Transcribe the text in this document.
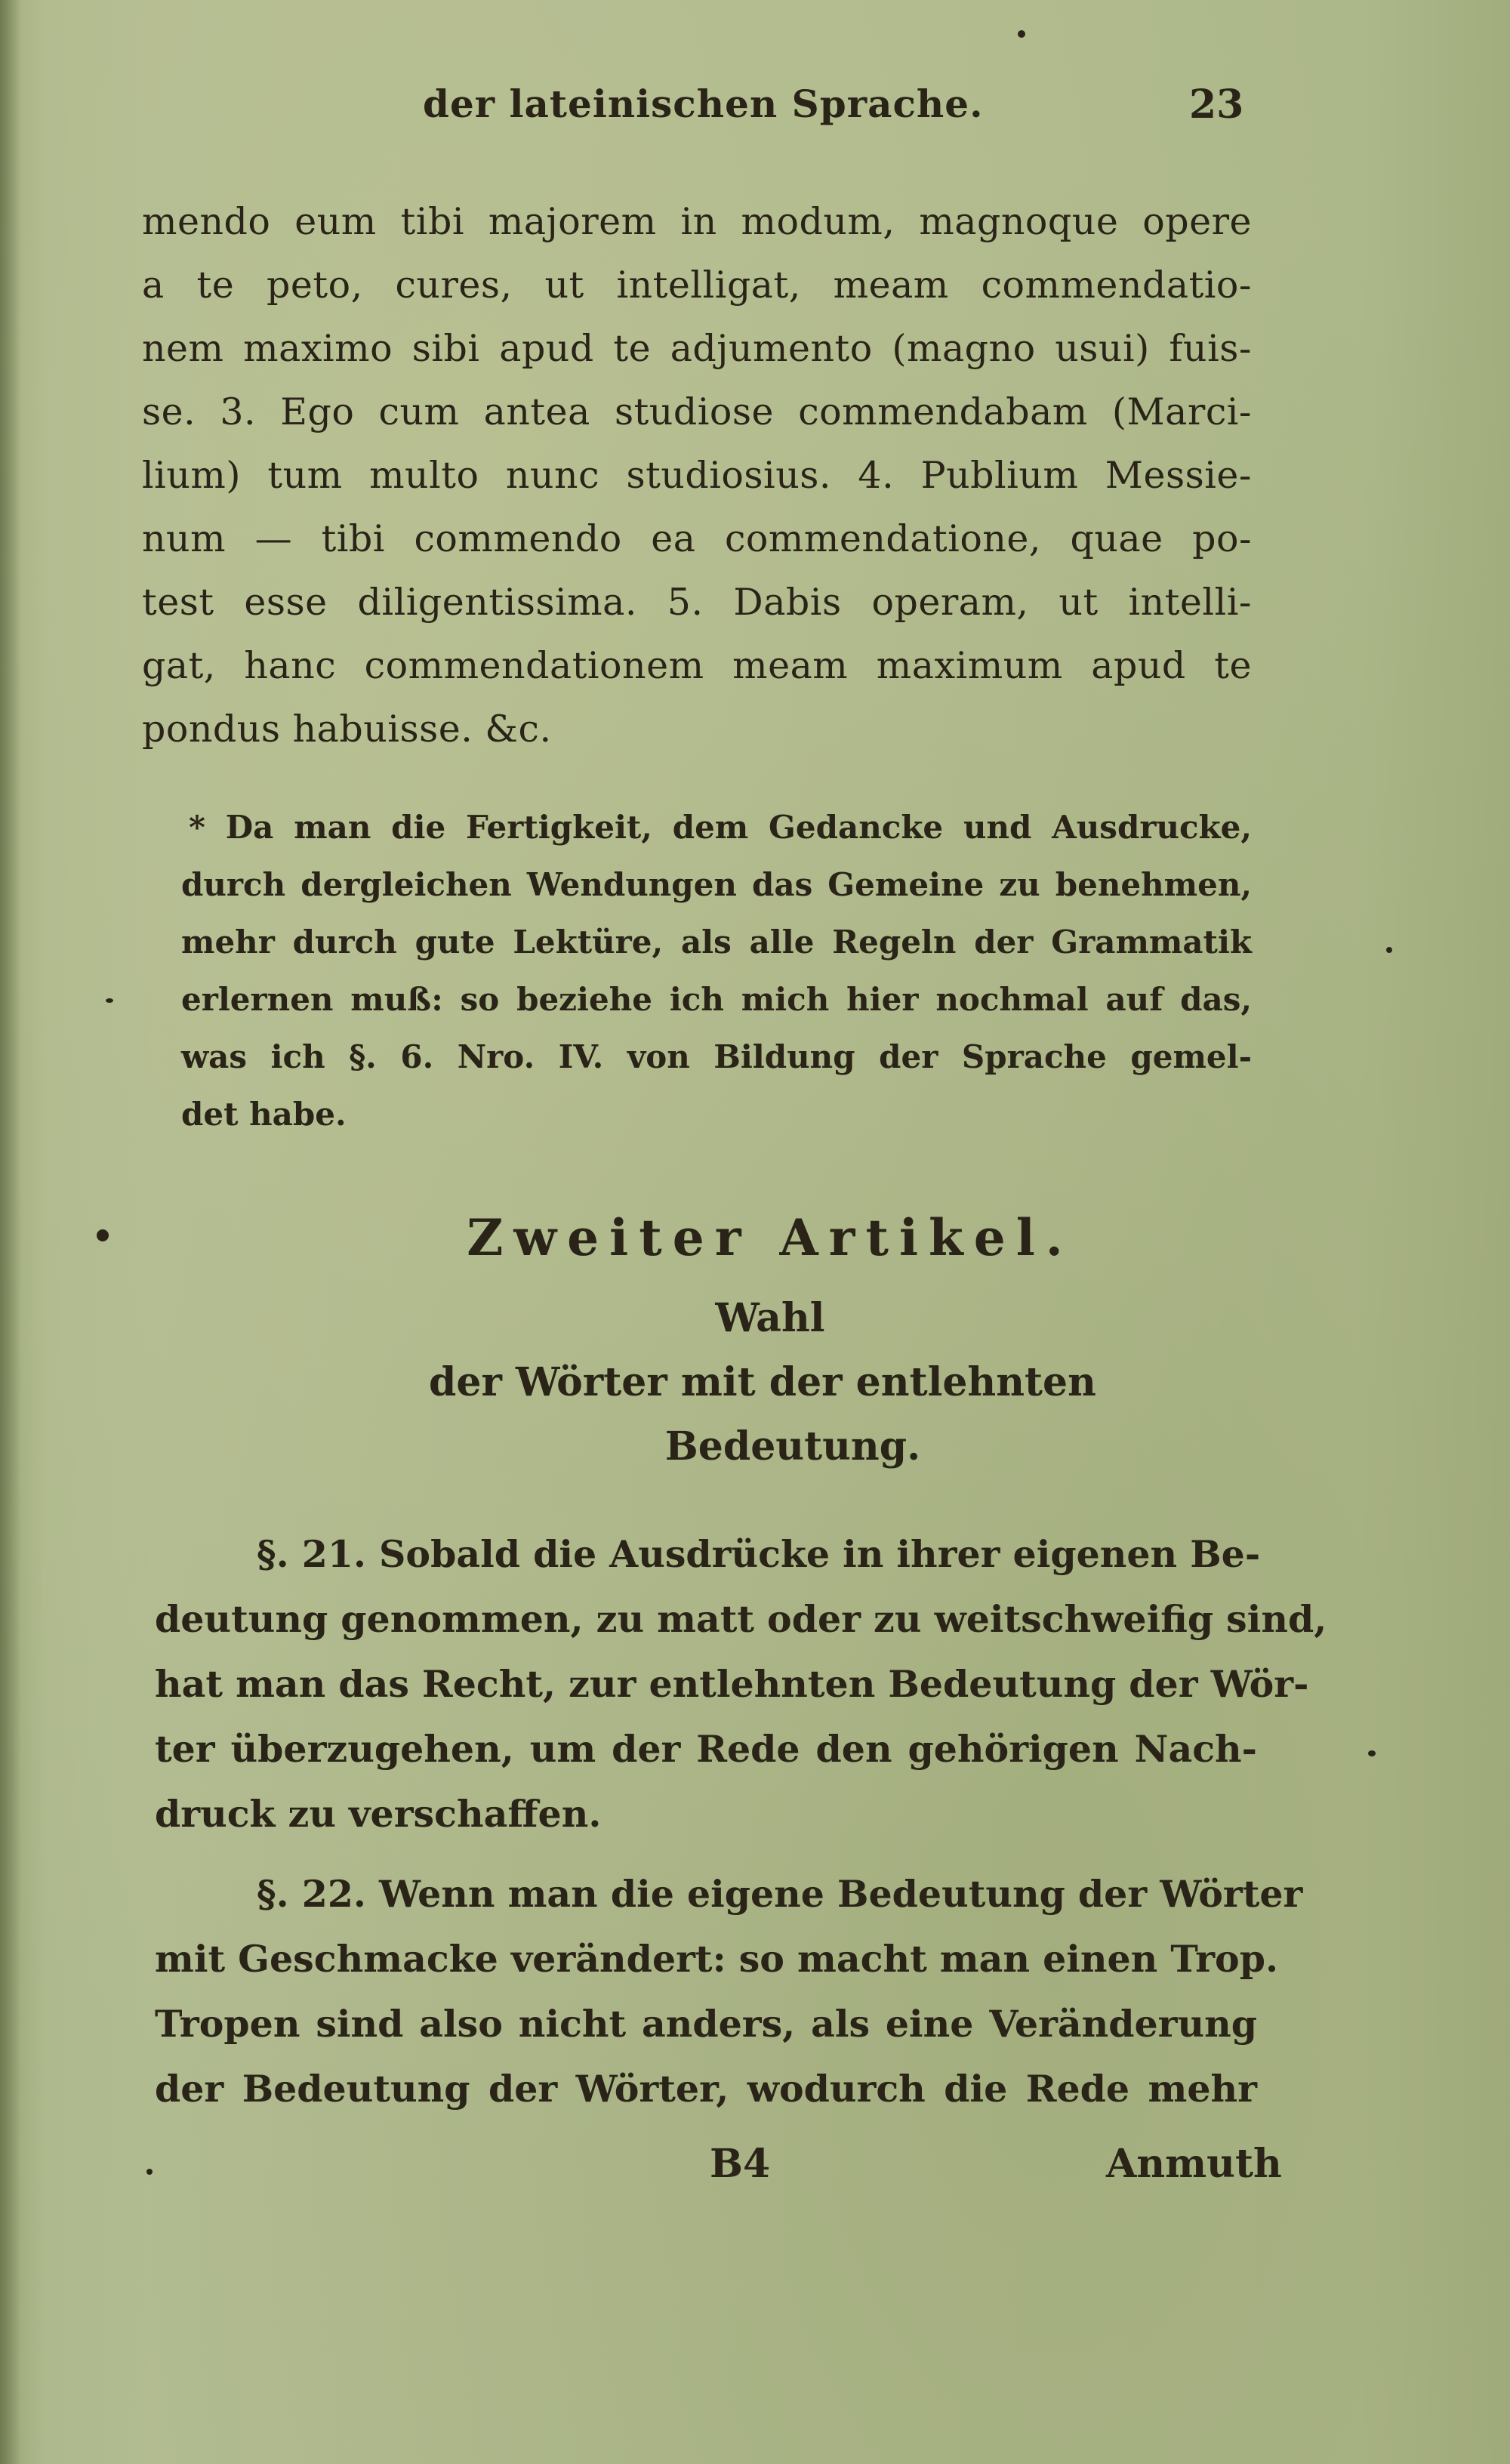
der lateinischen Sprache.	23
mendo eum tibi majorem in modum, magnoque opere
a te peto, cures, ut intelligat, meam commendatio-
nem maximo sibi apud te adjumento (magno usui) fuis-
se. 3. Ego cum antea studiose commendabam (Marci-
lium) tum multo nunc studiosius. 4. Publium Messie-
num — tibi commendo ea commendatione, quae po-
test esse diligentissima. 5. Dabis operam, ut intelli-
gat, hanc commendationem meam maximum apud te
pondus habuisse. &c.
* Da man die Fertigkeit, dem Gedancke und Ausdrucke,
durch dergleichen Wendungen das Gemeine zu benehmen,
mehr durch gute Lektüre, als alle Regeln der Grammatik
erlernen muß: so beziehe ich mich hier nochmal auf das,
was ich §. 6. Nro. IV. von Bildung der Sprache gemel-
det habe.
Zweiter Artikel.
Wahl
der Wörter mit der entlehnten
Bedeutung.
§. 21. Sobald die Ausdrücke in ihrer eigenen Be-
deutung genommen, zu matt oder zu weitschweifig sind,
hat man das Recht, zur entlehnten Bedeutung der Wör-
ter überzugehen, um der Rede den gehörigen Nach-
druck zu verschaffen.
§. 22. Wenn man die eigene Bedeutung der Wörter
mit Geschmacke verändert: so macht man einen Trop.
Tropen sind also nicht anders, als eine Veränderung
der Bedeutung der Wörter, wodurch die Rede mehr
B4	Anmuth
